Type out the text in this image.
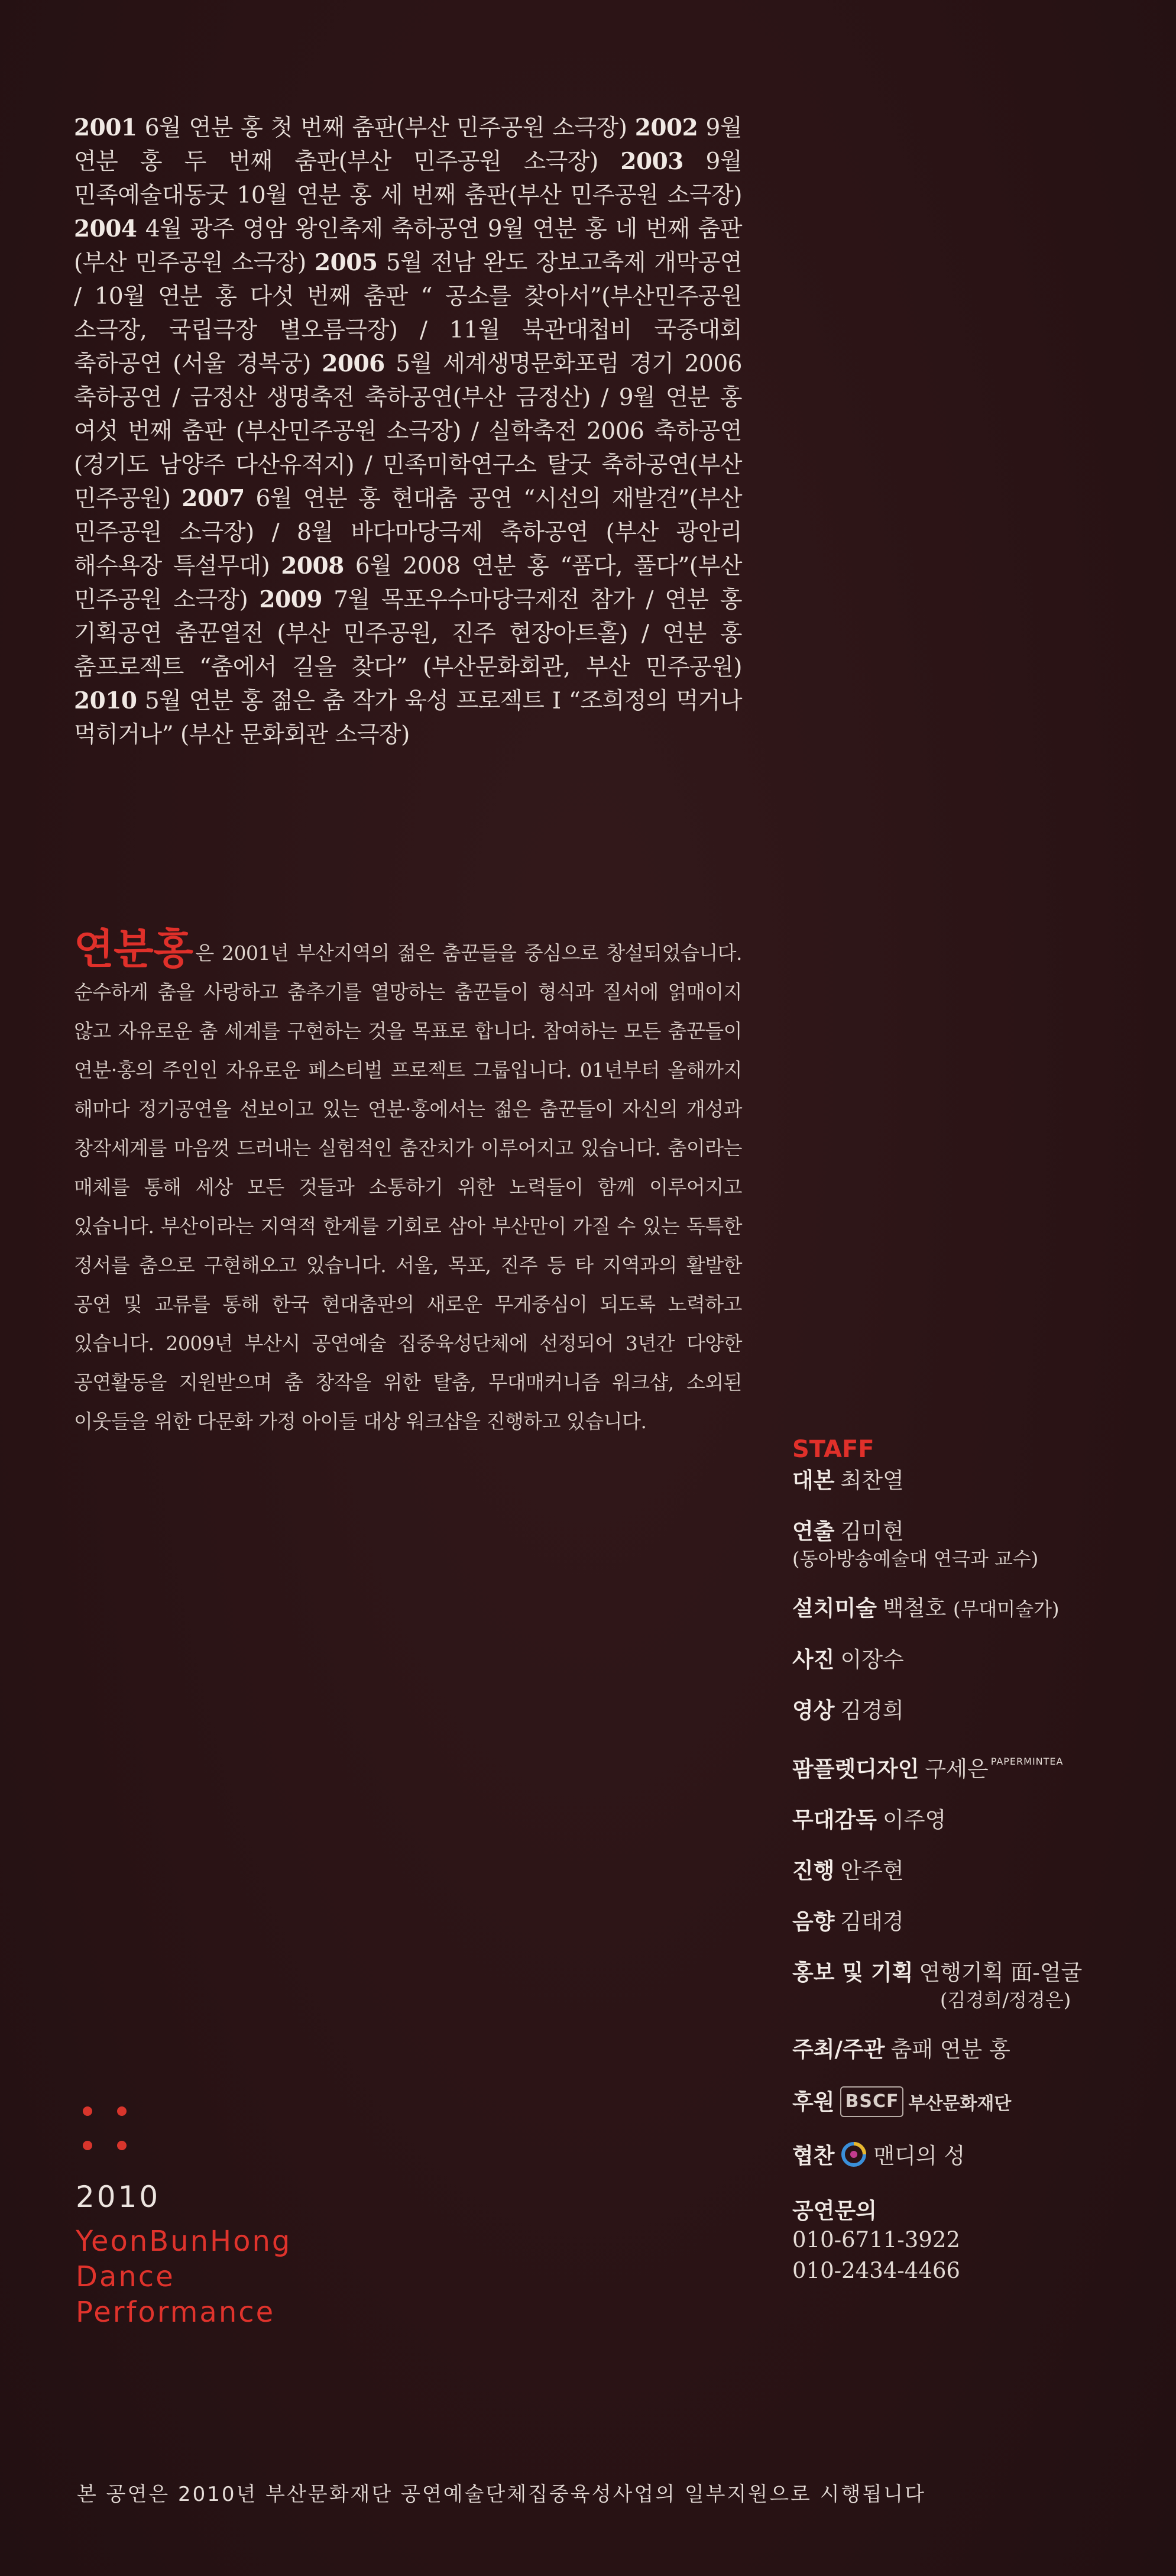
2001 6월 연분 홍 첫 번째 춤판(부산 민주공원 소극장) 2002 9월 연분 홍 두 번째 춤판(부산 민주공원 소극장) 2003 9월 민족예술대동굿 10월 연분 홍 세 번째 춤판(부산 민주공원 소극장) 2004 4월 광주 영암 왕인축제 축하공연 9월 연분 홍 네 번째 춤판(부산 민주공원 소극장) 2005 5월 전남 완도 장보고축제 개막공연 / 10월 연분 홍 다섯 번째 춤판 “ 공소를 찾아서”(부산민주공원 소극장, 국립극장 별오름극장) / 11월 북관대첩비 국중대회 축하공연 (서울 경복궁) 2006 5월 세계생명문화포럼 경기 2006 축하공연 / 금정산 생명축전 축하공연(부산 금정산) / 9월 연분 홍 여섯 번째 춤판 (부산민주공원 소극장) / 실학축전 2006 축하공연(경기도 남양주 다산유적지) / 민족미학연구소 탈굿 축하공연(부산 민주공원) 2007 6월 연분 홍 현대춤 공연 “시선의 재발견”(부산 민주공원 소극장) / 8월 바다마당극제 축하공연 (부산 광안리 해수욕장 특설무대) 2008 6월 2008 연분 홍 “품다, 풀다”(부산 민주공원 소극장) 2009 7월 목포우수마당극제전 참가 / 연분 홍 기획공연 춤꾼열전 (부산 민주공원, 진주 현장아트홀) / 연분 홍 춤프로젝트 “춤에서 길을 찾다” (부산문화회관, 부산 민주공원) 2010 5월 연분 홍 젊은 춤 작가 육성 프로젝트 I “조희정의 먹거나 먹히거나” (부산 문화회관 소극장)
연분홍 은 2001년 부산지역의 젊은 춤꾼들을 중심으로 창설되었습니다. 순수하게 춤을 사랑하고 춤추기를 열망하는 춤꾼들이 형식과 질서에 얽매이지 않고 자유로운 춤 세계를 구현하는 것을 목표로 합니다. 참여하는 모든 춤꾼들이 연분·홍의 주인인 자유로운 페스티벌 프로젝트 그룹입니다. 01년부터 올해까지 해마다 정기공연을 선보이고 있는 연분·홍에서는 젊은 춤꾼들이 자신의 개성과 창작세계를 마음껏 드러내는 실험적인 춤잔치가 이루어지고 있습니다. 춤이라는 매체를 통해 세상 모든 것들과 소통하기 위한 노력들이 함께 이루어지고 있습니다. 부산이라는 지역적 한계를 기회로 삼아 부산만이 가질 수 있는 독특한 정서를 춤으로 구현해오고 있습니다. 서울, 목포, 진주 등 타 지역과의 활발한 공연 및 교류를 통해 한국 현대춤판의 새로운 무게중심이 되도록 노력하고 있습니다. 2009년 부산시 공연예술 집중육성단체에 선정되어 3년간 다양한 공연활동을 지원받으며 춤 창작을 위한 탈춤, 무대매커니즘 워크샵, 소외된 이웃들을 위한 다문화 가정 아이들 대상 워크샵을 진행하고 있습니다.
2010
YeonBunHong
Dance
Performance
STAFF
대본 최찬열
연출 김미현
(동아방송예술대 연극과 교수)
설치미술 백철호 (무대미술가)
사진 이장수
영상 김경희
팜플렛디자인 구세은 $^{PAPERMINTEA}$
무대감독 이주영
진행 안주현
음향 김태경
홍보 및 기획 연행기획 面-얼굴
(김경희/정경은)
주최/주관 춤패 연분 홍
후원 BSCF 부산문화재단
협찬 맨디의 성
공연문의
010-6711-3922
010-2434-4466
본 공연은 2010년 부산문화재단 공연예술단체집중육성사업의 일부지원으로 시행됩니다
